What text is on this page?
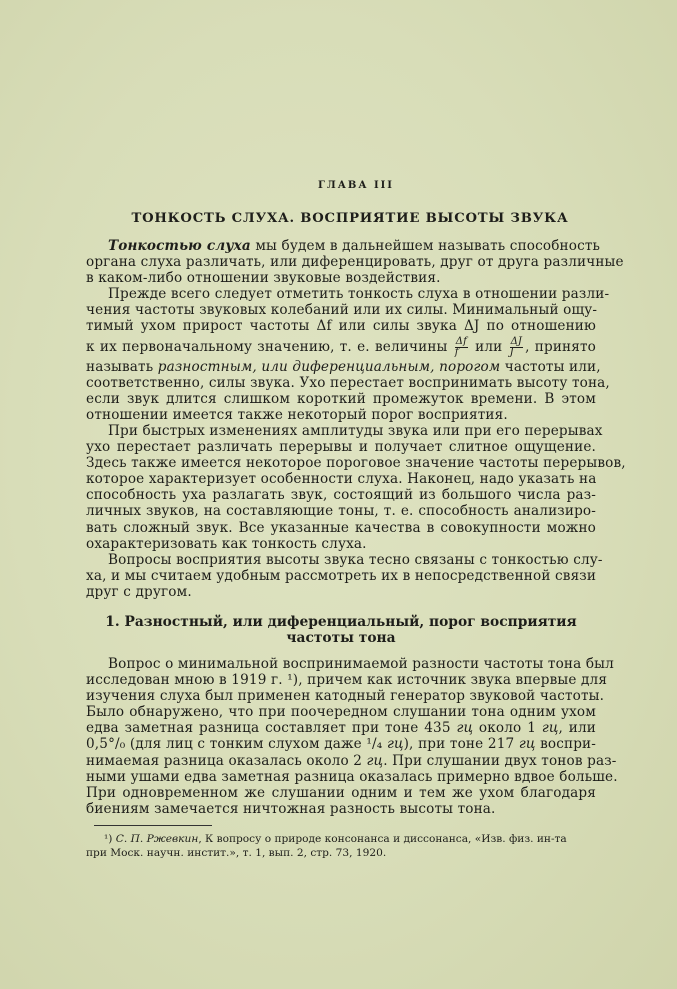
ГЛАВА III
ТОНКОСТЬ СЛУХА. ВОСПРИЯТИЕ ВЫСОТЫ ЗВУКА

Тонкостью слуха мы будем в дальнейшем называть способность
органа слуха различать, или диференцировать, друг от друга различные
в каком-либо отношении звуковые воздействия.

Прежде всего следует отметить тонкость слуха в отношении разли-
чения частоты звуковых колебаний или их силы. Минимальный ощу-
тимый ухом прирост частоты Δf или силы звука ΔJ по отношению
к их первоначальному значению, т. е. величины $\frac{\Delta f}{f}$ или $\frac{\Delta J}{J}$ , принято
называть разностным, или диференциальным, порогом частоты или,
соответственно, силы звука. Ухо перестает воспринимать высоту тона,
если звук длится слишком короткий промежуток времени. В этом
отношении имеется также некоторый порог восприятия.

При быстрых изменениях амплитуды звука или при его перерывах
ухо перестает различать перерывы и получает слитное ощущение.
Здесь также имеется некоторое пороговое значение частоты перерывов,
которое характеризует особенности слуха. Наконец, надо указать на
способность уха разлагать звук, состоящий из большого числа раз-
личных звуков, на составляющие тоны, т. е. способность анализиро-
вать сложный звук. Все указанные качества в совокупности можно
охарактеризовать как тонкость слуха.

Вопросы восприятия высоты звука тесно связаны с тонкостью слу-
ха, и мы считаем удобным рассмотреть их в непосредственной связи
друг с другом.

1. Разностный, или диференциальный, порог восприятия
частоты тона

Вопрос о минимальной воспринимаемой разности частоты тона был
исследован мною в 1919 г. ¹), причем как источник звука впервые для
изучения слуха был применен катодный генератор звуковой частоты.
Было обнаружено, что при поочередном слушании тона одним ухом
едва заметная разница составляет при тоне 435 гц около 1 гц, или
0,5°/₀ (для лиц с тонким слухом даже ¹/₄ гц), при тоне 217 гц воспри-
нимаемая разница оказалась около 2 гц. При слушании двух тонов раз-
ными ушами едва заметная разница оказалась примерно вдвое больше.
При одновременном же слушании одним и тем же ухом благодаря
биениям замечается ничтожная разность высоты тона.

¹) С. П. Ржевкин, К вопросу о природе консонанса и диссонанса, «Изв. физ. ин-та
при Моск. научн. инстит.», т. 1, вып. 2, стр. 73, 1920.
